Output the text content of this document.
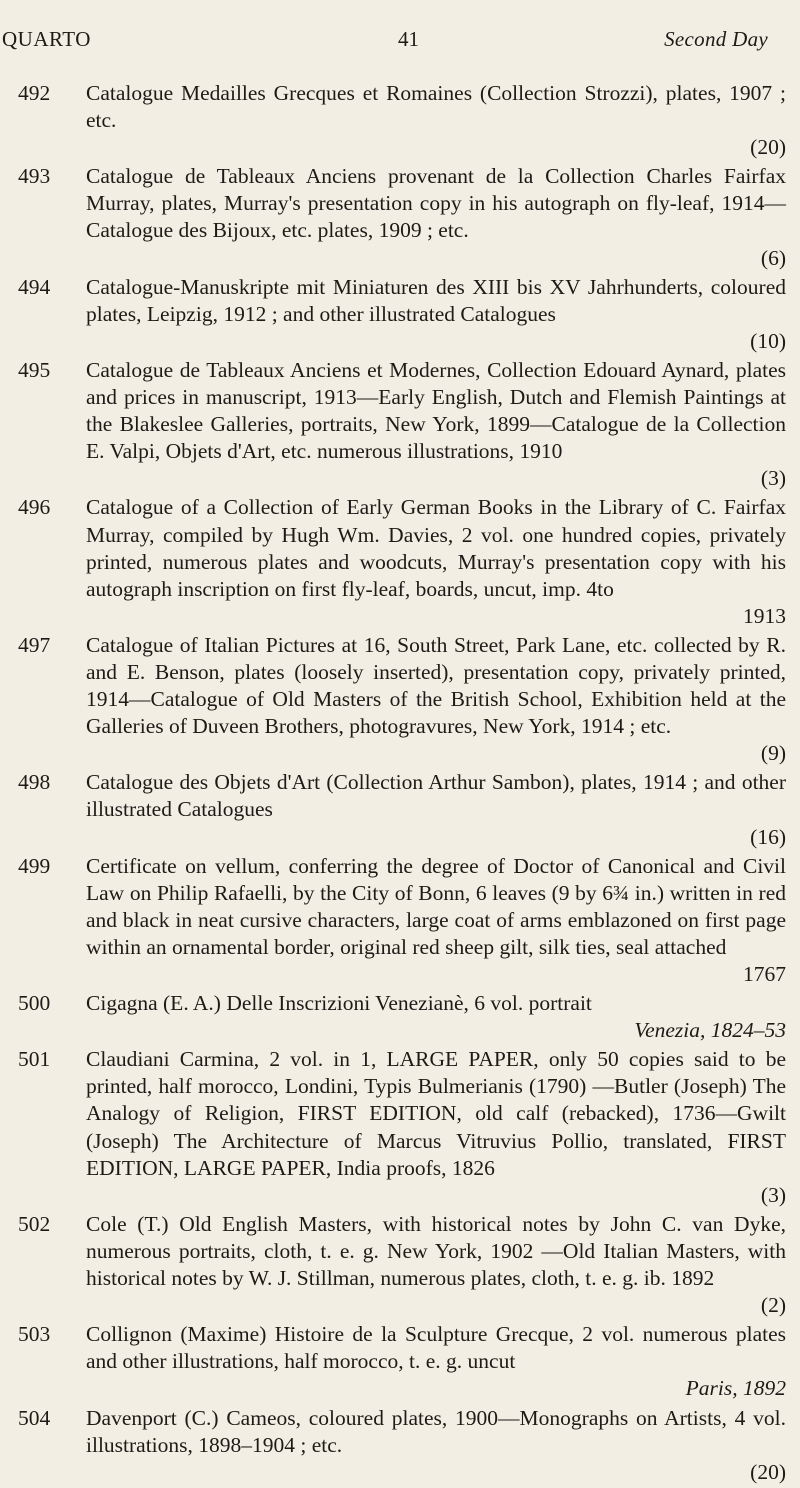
QUARTO	41	Second Day
492	Catalogue Medailles Grecques et Romaines (Collection Strozzi), plates, 1907 ; etc.
(20)
493	Catalogue de Tableaux Anciens provenant de la Collection Charles Fairfax Murray, plates, Murray's presentation copy in his autograph on fly-leaf, 1914—Catalogue des Bijoux, etc. plates, 1909 ; etc.
(6)
494	Catalogue-Manuskripte mit Miniaturen des XIII bis XV Jahrhunderts, coloured plates, Leipzig, 1912 ; and other illustrated Catalogues
(10)
495	Catalogue de Tableaux Anciens et Modernes, Collection Edouard Aynard, plates and prices in manuscript, 1913—Early English, Dutch and Flemish Paintings at the Blakeslee Galleries, portraits, New York, 1899—Catalogue de la Collection E. Valpi, Objets d'Art, etc. numerous illustrations, 1910
(3)
496	Catalogue of a Collection of Early German Books in the Library of C. Fairfax Murray, compiled by Hugh Wm. Davies, 2 vol. one hundred copies, privately printed, numerous plates and woodcuts, Murray's presentation copy with his autograph inscription on first fly-leaf, boards, uncut, imp. 4to
1913
497	Catalogue of Italian Pictures at 16, South Street, Park Lane, etc. collected by R. and E. Benson, plates (loosely inserted), presentation copy, privately printed, 1914—Catalogue of Old Masters of the British School, Exhibition held at the Galleries of Duveen Brothers, photogravures, New York, 1914 ; etc.
(9)
498	Catalogue des Objets d'Art (Collection Arthur Sambon), plates, 1914 ; and other illustrated Catalogues
(16)
499	Certificate on vellum, conferring the degree of Doctor of Canonical and Civil Law on Philip Rafaelli, by the City of Bonn, 6 leaves (9 by 6¾ in.) written in red and black in neat cursive characters, large coat of arms emblazoned on first page within an ornamental border, original red sheep gilt, silk ties, seal attached
1767
500	Cigagna (E. A.) Delle Inscrizioni Venezianè, 6 vol. portrait
Venezia, 1824–53
501	Claudiani Carmina, 2 vol. in 1, LARGE PAPER, only 50 copies said to be printed, half morocco, Londini, Typis Bulmerianis (1790) —Butler (Joseph) The Analogy of Religion, FIRST EDITION, old calf (rebacked), 1736—Gwilt (Joseph) The Architecture of Marcus Vitruvius Pollio, translated, FIRST EDITION, LARGE PAPER, India proofs, 1826
(3)
502	Cole (T.) Old English Masters, with historical notes by John C. van Dyke, numerous portraits, cloth, t. e. g. New York, 1902 —Old Italian Masters, with historical notes by W. J. Stillman, numerous plates, cloth, t. e. g. ib. 1892
(2)
503	Collignon (Maxime) Histoire de la Sculpture Grecque, 2 vol. numerous plates and other illustrations, half morocco, t. e. g. uncut
Paris, 1892
504	Davenport (C.) Cameos, coloured plates, 1900—Monographs on Artists, 4 vol. illustrations, 1898–1904 ; etc.
(20)
